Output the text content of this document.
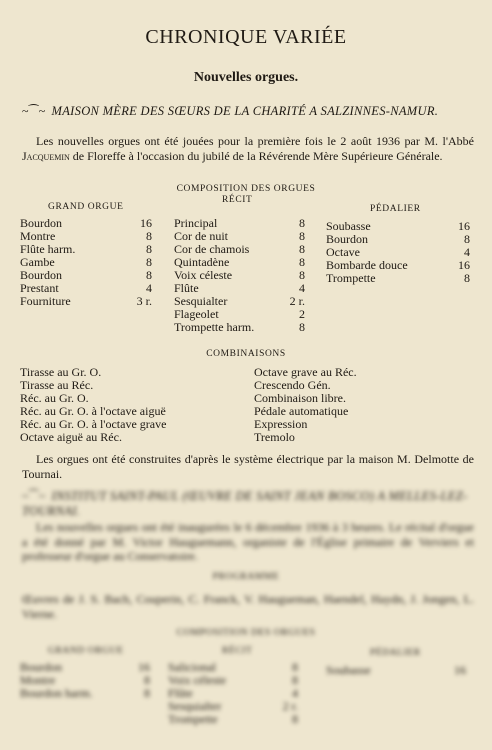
CHRONIQUE VARIÉE
Nouvelles orgues.
~⁀~ MAISON MÈRE DES SŒURS DE LA CHARITÉ A SALZINNES-NAMUR.
Les nouvelles orgues ont été jouées pour la première fois le 2 août 1936 par M. l'Abbé Jacquemin de Floreffe à l'occasion du jubilé de la Révérende Mère Supérieure Générale.
COMPOSITION DES ORGUES
GRAND ORGUE
RÉCIT
PÉDALIER
Bourdon	16
Montre	8
Flûte harm.	8
Gambe	8
Bourdon	8
Prestant	4
Fourniture	3 r.
Principal	8
Cor de nuit	8
Cor de chamois	8
Quintadène	8
Voix céleste	8
Flûte	4
Sesquialter	2 r.
Flageolet	2
Trompette harm.	8
Soubasse	16
Bourdon	8
Octave	4
Bombarde douce	16
Trompette	8
COMBINAISONS
Tirasse au Gr. O.
Tirasse au Réc.
Réc. au Gr. O.
Réc. au Gr. O. à l'octave aiguë
Réc. au Gr. O. à l'octave grave
Octave aiguë au Réc.
Octave grave au Réc.
Crescendo Gén.
Combinaison libre.
Pédale automatique
Expression
Tremolo
Les orgues ont été construites d'après le système électrique par la maison M. Delmotte de Tournai.
~⁀~ INSTITUT SAINT-PAUL (ŒUVRE DE SAINT JEAN BOSCO) A MELLES-LEZ-TOURNAI.
Les nouvelles orgues ont été inaugurées le 6 décembre 1936 à 3 heures. Le récital d'orgue a été donné par M. Victor Hauguemann, organiste de l'Église primaire de Verviers et professeur d'orgue au Conservatoire.
PROGRAMME
Œuvres de J. S. Bach, Couperin, C. Franck, V. Haugueman, Haendel, Haydn, J. Jongen, L. Vierne.
COMPOSITION DES ORGUES
GRAND ORGUE	RÉCIT	PÉDALIER
Bourdon	16
Montre	8
Bourdon harm.	8
Salicional	8
Voix céleste	8
Flûte	4
Sesquialter	2 r.
Trompette	8
Soubasse	16
